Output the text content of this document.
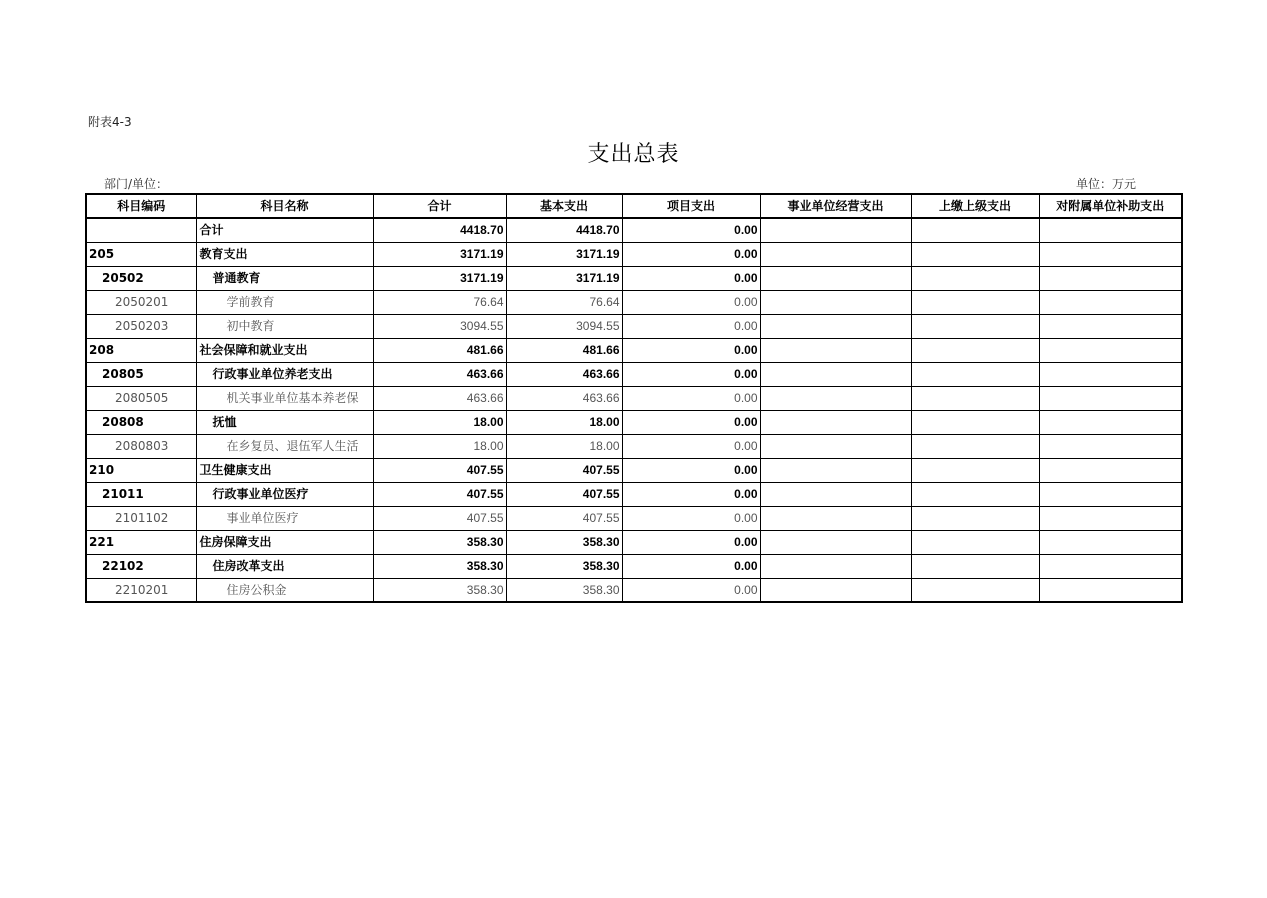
附表4-3
支出总表
部门/单位：	单位：万元
科目编码	科目名称	合计	基本支出	项目支出	事业单位经营支出	上缴上级支出	对附属单位补助支出
	合计	4418.70	4418.70	0.00			
205	教育支出	3171.19	3171.19	0.00			
20502	普通教育	3171.19	3171.19	0.00			
2050201	学前教育	76.64	76.64	0.00			
2050203	初中教育	3094.55	3094.55	0.00			
208	社会保障和就业支出	481.66	481.66	0.00			
20805	行政事业单位养老支出	463.66	463.66	0.00			
2080505	机关事业单位基本养老保	463.66	463.66	0.00			
20808	抚恤	18.00	18.00	0.00			
2080803	在乡复员、退伍军人生活	18.00	18.00	0.00			
210	卫生健康支出	407.55	407.55	0.00			
21011	行政事业单位医疗	407.55	407.55	0.00			
2101102	事业单位医疗	407.55	407.55	0.00			
221	住房保障支出	358.30	358.30	0.00			
22102	住房改革支出	358.30	358.30	0.00			
2210201	住房公积金	358.30	358.30	0.00			
